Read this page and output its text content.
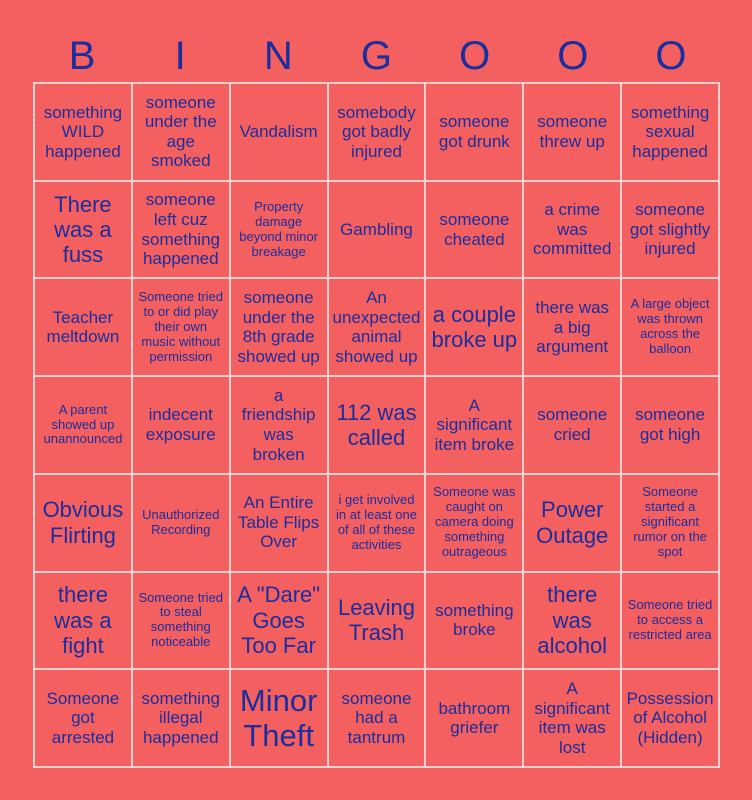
B	I	N	G	O	O	O
something WILD happened
someone under the age smoked
Vandalism
somebody got badly injured
someone got drunk
someone threw up
something sexual happened
There was a fuss
someone left cuz something happened
Property damage beyond minor breakage
Gambling
someone cheated
a crime was committed
someone got slightly injured
Teacher meltdown
Someone tried to or did play their own music without permission
someone under the 8th grade showed up
An unexpected animal showed up
a couple broke up
there was a big argument
A large object was thrown across the balloon
A parent showed up unannounced
indecent exposure
a friendship was broken
112 was called
A significant item broke
someone cried
someone got high
Obvious Flirting
Unauthorized Recording
An Entire Table Flips Over
i get involved in at least one of all of these activities
Someone was caught on camera doing something outrageous
Power Outage
Someone started a significant rumor on the spot
there was a fight
Someone tried to steal something noticeable
A "Dare" Goes Too Far
Leaving Trash
something broke
there was alcohol
Someone tried to access a restricted area
Someone got arrested
something illegal happened
Minor Theft
someone had a tantrum
bathroom griefer
A significant item was lost
Possession of Alcohol (Hidden)
